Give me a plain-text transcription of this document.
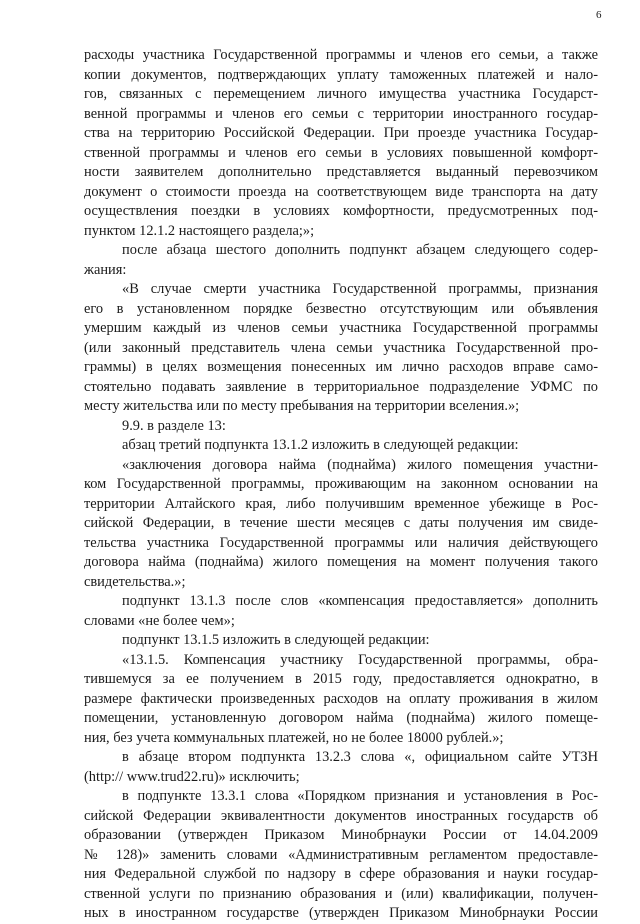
6
расходы участника Государственной программы и членов его семьи, а также
копии документов, подтверждающих уплату таможенных платежей и нало-
гов, связанных с перемещением личного имущества участника Государст-
венной программы и членов его семьи с территории иностранного государ-
ства на территорию Российской Федерации. При проезде участника Государ-
ственной программы и членов его семьи в условиях повышенной комфорт-
ности заявителем дополнительно представляется выданный перевозчиком
документ о стоимости проезда на соответствующем виде транспорта на дату
осуществления поездки в условиях комфортности, предусмотренных под-
пунктом 12.1.2 настоящего раздела;»;
после абзаца шестого дополнить подпункт абзацем следующего содер-
жания:
«В случае смерти участника Государственной программы, признания
его в установленном порядке безвестно отсутствующим или объявления
умершим каждый из членов семьи участника Государственной программы
(или законный представитель члена семьи участника Государственной про-
граммы) в целях возмещения понесенных им лично расходов вправе само-
стоятельно подавать заявление в территориальное подразделение УФМС по
месту жительства или по месту пребывания на территории вселения.»;
9.9. в разделе 13:
абзац третий подпункта 13.1.2 изложить в следующей редакции:
«заключения договора найма (поднайма) жилого помещения участни-
ком Государственной программы, проживающим на законном основании на
территории Алтайского края, либо получившим временное убежище в Рос-
сийской Федерации, в течение шести месяцев с даты получения им свиде-
тельства участника Государственной программы или наличия действующего
договора найма (поднайма) жилого помещения на момент получения такого
свидетельства.»;
подпункт 13.1.3 после слов «компенсация предоставляется» дополнить
словами «не более чем»;
подпункт 13.1.5 изложить в следующей редакции:
«13.1.5. Компенсация участнику Государственной программы, обра-
тившемуся за ее получением в 2015 году, предоставляется однократно, в
размере фактически произведенных расходов на оплату проживания в жилом
помещении, установленную договором найма (поднайма) жилого помеще-
ния, без учета коммунальных платежей, но не более 18000 рублей.»;
в абзаце втором подпункта 13.2.3 слова «, официальном сайте УТЗН
(http:// www.trud22.ru)» исключить;
в подпункте 13.3.1 слова «Порядком признания и установления в Рос-
сийской Федерации эквивалентности документов иностранных государств об
образовании (утвержден Приказом Минобрнауки России от 14.04.2009
№ 128)» заменить словами «Административным регламентом предоставле-
ния Федеральной службой по надзору в сфере образования и науки государ-
ственной услуги по признанию образования и (или) квалификации, получен-
ных в иностранном государстве (утвержден Приказом Минобрнауки России
